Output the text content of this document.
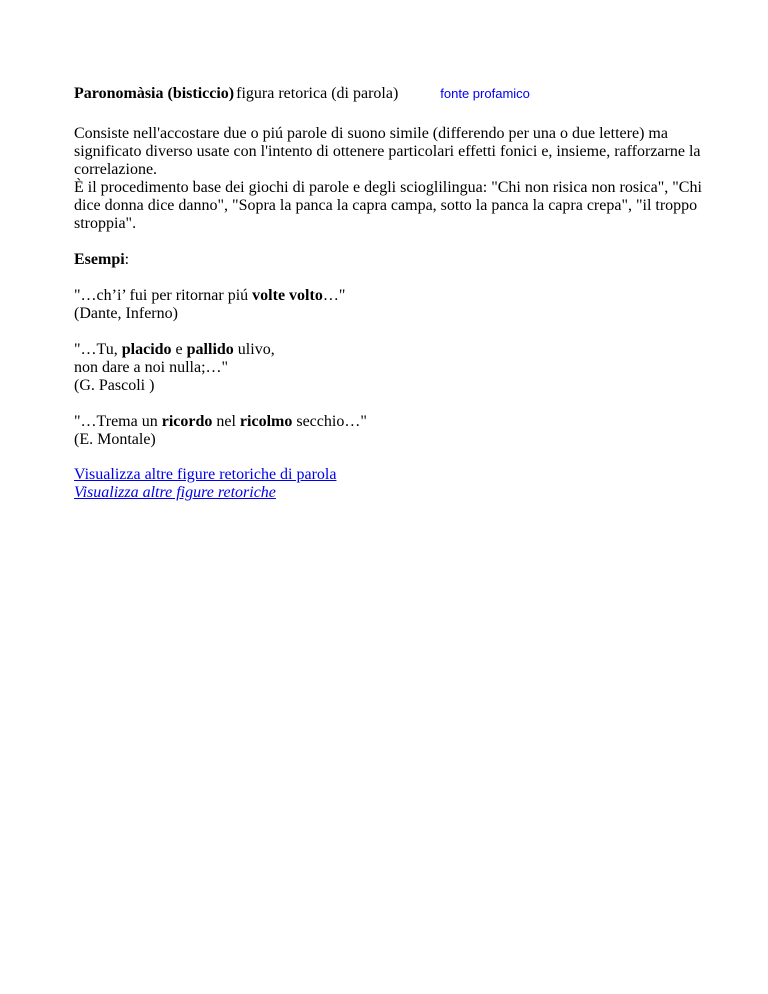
Paronomàsia (bisticcio) figura retorica (di parola)	fonte profamico

Consiste nell'accostare due o piú parole di suono simile (differendo per una o due lettere) ma significato diverso usate con l'intento di ottenere particolari effetti fonici e, insieme, rafforzarne la correlazione.

È il procedimento base dei giochi di parole e degli scioglilingua: "Chi non risica non rosica", "Chi dice donna dice danno", "Sopra la panca la capra campa, sotto la panca la capra crepa", "il troppo stroppia".

Esempi:
"…ch’i’ fui per ritornar piú volte volto…"
(Dante, Inferno)
"…Tu, placido e pallido ulivo,
non dare a noi nulla;…"
(G. Pascoli )
"…Trema un ricordo nel ricolmo secchio…"
(E. Montale)
Visualizza altre figure retoriche di parola
Visualizza altre figure retoriche
